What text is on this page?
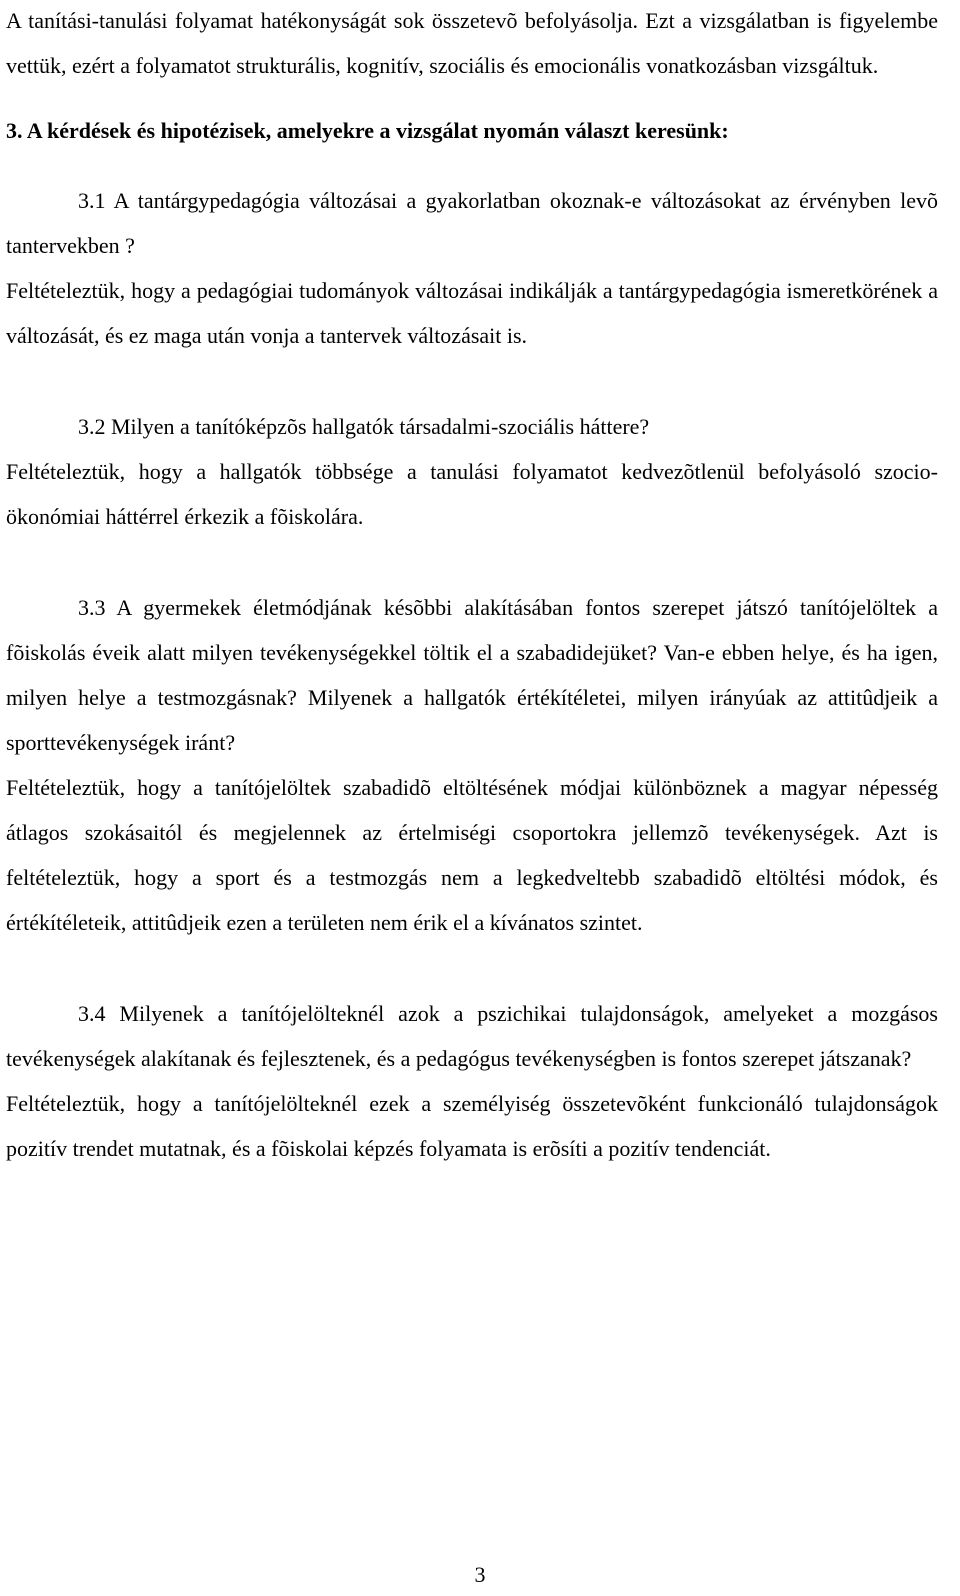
A tanítási-tanulási folyamat hatékonyságát sok összetevõ befolyásolja. Ezt a vizsgálatban is figyelembe vettük, ezért a folyamatot strukturális, kognitív, szociális és emocionális vonatkozásban vizsgáltuk.

3. A kérdések és hipotézisek, amelyekre a vizsgálat nyomán választ keresünk:

3.1 A tantárgypedagógia változásai a gyakorlatban okoznak-e változásokat az érvényben levõ tantervekben ?

Feltételeztük, hogy a pedagógiai tudományok változásai indikálják a tantárgypedagógia ismeretkörének a változását, és ez maga után vonja a tantervek változásait is.

3.2 Milyen a tanítóképzõs hallgatók társadalmi-szociális háttere?

Feltételeztük, hogy a hallgatók többsége a tanulási folyamatot kedvezõtlenül befolyásoló szocio-ökonómiai háttérrel érkezik a fõiskolára.

3.3 A gyermekek életmódjának késõbbi alakításában fontos szerepet játszó tanítójelöltek a fõiskolás éveik alatt milyen tevékenységekkel töltik el a szabadidejüket? Van-e ebben helye, és ha igen, milyen helye a testmozgásnak? Milyenek a hallgatók értékítéletei, milyen irányúak az attitûdjeik a sporttevékenységek iránt?

Feltételeztük, hogy a tanítójelöltek szabadidõ eltöltésének módjai különböznek a magyar népesség átlagos szokásaitól és megjelennek az értelmiségi csoportokra jellemzõ tevékenységek. Azt is feltételeztük, hogy a sport és a testmozgás nem a legkedveltebb szabadidõ eltöltési módok, és értékítéleteik, attitûdjeik ezen a területen nem érik el a kívánatos szintet.

3.4 Milyenek a tanítójelölteknél azok a pszichikai tulajdonságok, amelyeket a mozgásos tevékenységek alakítanak és fejlesztenek, és a pedagógus tevékenységben is fontos szerepet játszanak?

Feltételeztük, hogy a tanítójelölteknél ezek a személyiség összetevõként funkcionáló tulajdonságok pozitív trendet mutatnak, és a fõiskolai képzés folyamata is erõsíti a pozitív tendenciát.

3
